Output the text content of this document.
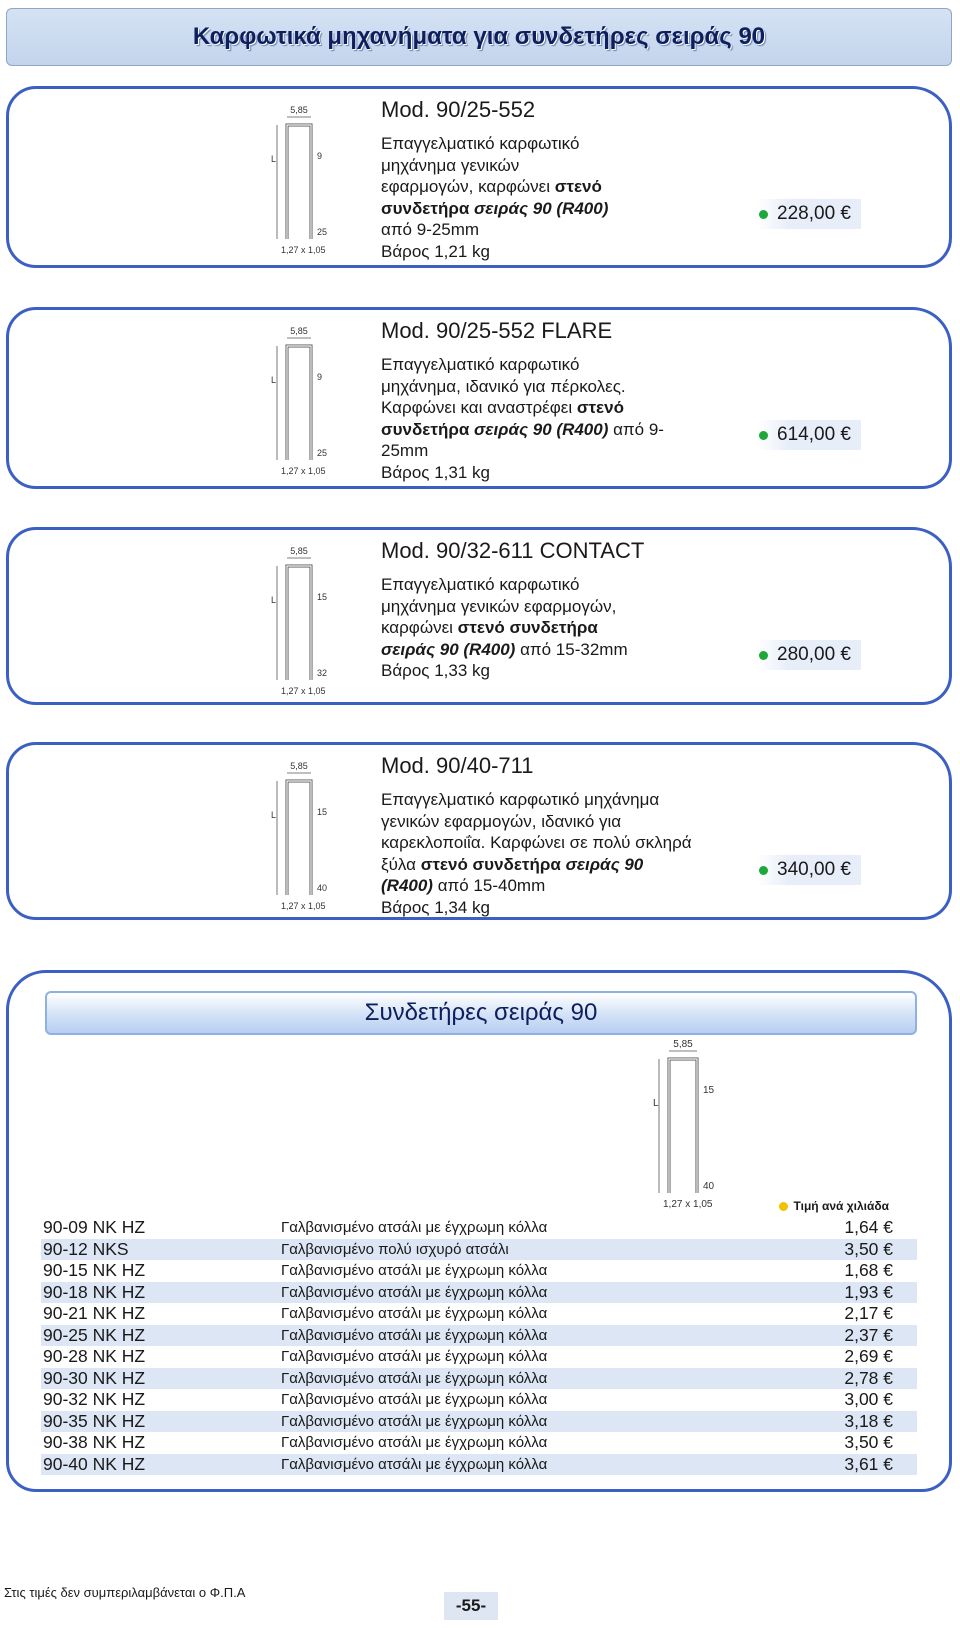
Καρφωτικά μηχανήματα για συνδετήρες σειράς 90
5,85
L	9
25
1,27 x 1,05
Mod. 90/25-552
Επαγγελματικό καρφωτικό
μηχάνημα γενικών
εφαρμογών, καρφώνει στενό
συνδετήρα σειράς 90 (R400)
από 9-25mm
Βάρος 1,21 kg
228,00 €
5,85
L	9
25
1,27 x 1,05
Mod. 90/25-552 FLARE
Επαγγελματικό καρφωτικό
μηχάνημα, ιδανικό για πέρκολες.
Καρφώνει και αναστρέφει στενό
συνδετήρα σειράς 90 (R400) από 9-
25mm
Βάρος 1,31 kg
614,00 €
5,85
L	15
32
1,27 x 1,05
Mod. 90/32-611 CONTACT
Επαγγελματικό καρφωτικό
μηχάνημα γενικών εφαρμογών,
καρφώνει στενό συνδετήρα
σειράς 90 (R400) από 15-32mm
Βάρος 1,33 kg
280,00 €
5,85
L	15
40
1,27 x 1,05
Mod. 90/40-711
Επαγγελματικό καρφωτικό μηχάνημα
γενικών εφαρμογών, ιδανικό για
καρεκλοποιΐα. Καρφώνει σε πολύ σκληρά
ξύλα στενό συνδετήρα σειράς 90
(R400) από 15-40mm
Βάρος 1,34 kg
340,00 €
Συνδετήρες σειράς 90
5,85
L
15
40
1,27 x 1,05	Τιμή ανά χιλιάδα
90-09 NK HZ	Γαλβανισμένο ατσάλι με έγχρωμη κόλλα	1,64 €
90-12 NKS	Γαλβανισμένο πολύ ισχυρό ατσάλι	3,50 €
90-15 NK HZ	Γαλβανισμένο ατσάλι με έγχρωμη κόλλα	1,68 €
90-18 NK HZ	Γαλβανισμένο ατσάλι με έγχρωμη κόλλα	1,93 €
90-21 NK HZ	Γαλβανισμένο ατσάλι με έγχρωμη κόλλα	2,17 €
90-25 NK HZ	Γαλβανισμένο ατσάλι με έγχρωμη κόλλα	2,37 €
90-28 NK HZ	Γαλβανισμένο ατσάλι με έγχρωμη κόλλα	2,69 €
90-30 NK HZ	Γαλβανισμένο ατσάλι με έγχρωμη κόλλα	2,78 €
90-32 NK HZ	Γαλβανισμένο ατσάλι με έγχρωμη κόλλα	3,00 €
90-35 NK HZ	Γαλβανισμένο ατσάλι με έγχρωμη κόλλα	3,18 €
90-38 NK HZ	Γαλβανισμένο ατσάλι με έγχρωμη κόλλα	3,50 €
90-40 NK HZ	Γαλβανισμένο ατσάλι με έγχρωμη κόλλα	3,61 €
Στις τιμές δεν συμπεριλαμβάνεται ο Φ.Π.Α
-55-
